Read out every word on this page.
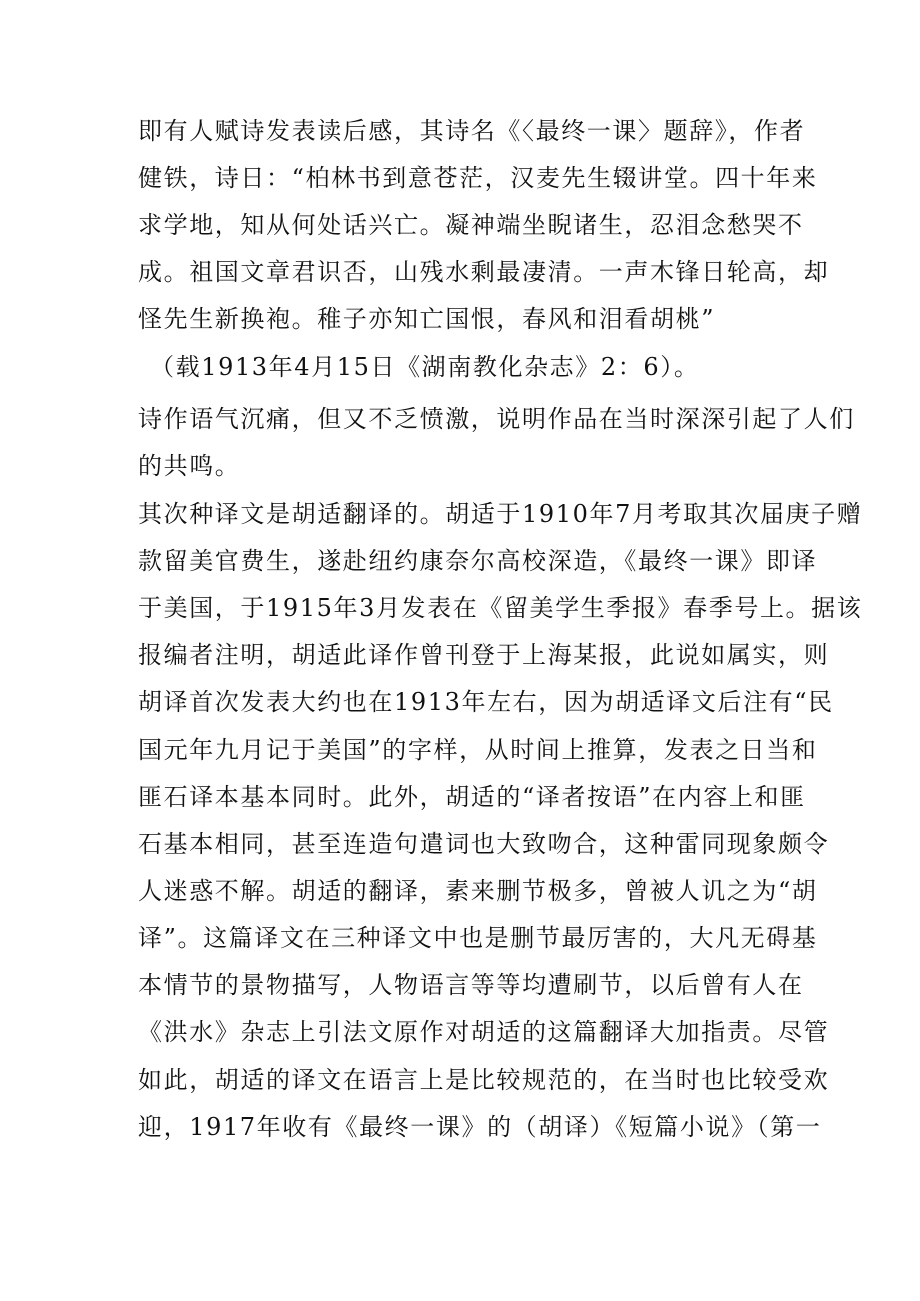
即有人赋诗发表读后感，其诗名《〈最终一课〉题辞》，作者
健铁，诗日：“柏林书到意苍茫，汉麦先生辍讲堂。四十年来
求学地，知从何处话兴亡。凝神端坐睨诸生，忍泪念愁哭不
成。祖国文章君识否，山残水剩最凄清。一声木锋日轮高，却
怪先生新换袍。稚子亦知亡国恨，春风和泪看胡桃”
（载1913年4月15日《湖南教化杂志》2：6）。
诗作语气沉痛，但又不乏愤激，说明作品在当时深深引起了人们
的共鸣。
其次种译文是胡适翻译的。胡适于1910年7月考取其次届庚子赠
款留美官费生，遂赴纽约康奈尔高校深造，《最终一课》即译
于美国，于1915年3月发表在《留美学生季报》春季号上。据该
报编者注明，胡适此译作曾刊登于上海某报，此说如属实，则
胡译首次发表大约也在1913年左右，因为胡适译文后注有“民
国元年九月记于美国”的字样，从时间上推算，发表之日当和
匪石译本基本同时。此外，胡适的“译者按语”在内容上和匪
石基本相同，甚至连造句遣词也大致吻合，这种雷同现象颇令
人迷惑不解。胡适的翻译，素来删节极多，曾被人讥之为“胡
译”。这篇译文在三种译文中也是删节最厉害的，大凡无碍基
本情节的景物描写，人物语言等等均遭刷节，以后曾有人在
《洪水》杂志上引法文原作对胡适的这篇翻译大加指责。尽管
如此，胡适的译文在语言上是比较规范的，在当时也比较受欢
迎，1917年收有《最终一课》的（胡译）《短篇小说》（第一
